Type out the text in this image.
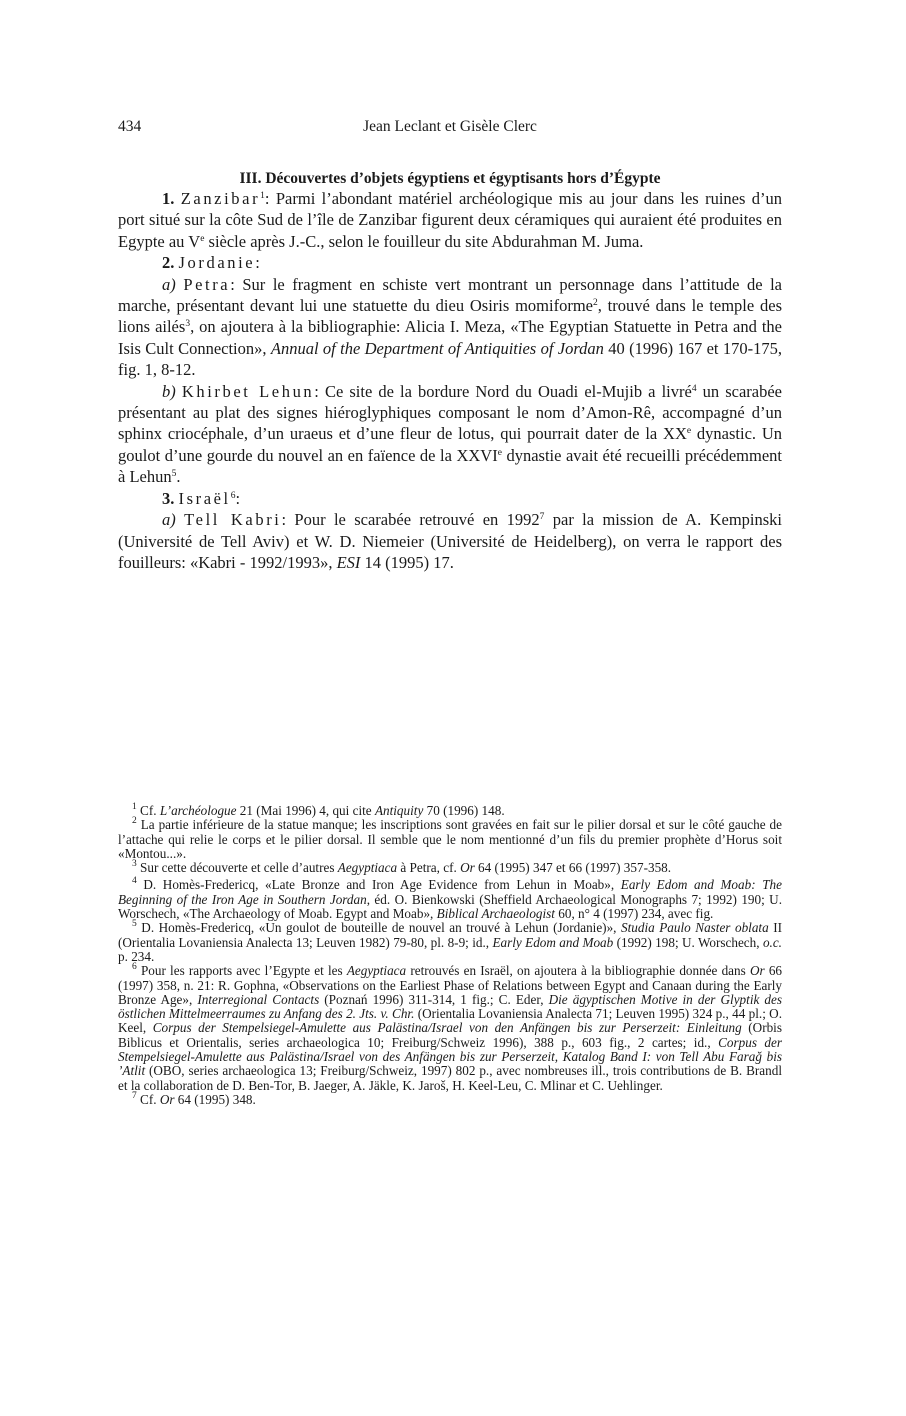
434	Jean Leclant et Gisèle Clerc
III. Découvertes d’objets égyptiens et égyptisants hors d’Égypte

1. Zanzibar$^1$: Parmi l’abondant matériel archéologique mis au jour dans les ruines d’un port situé sur la côte Sud de l’île de Zanzibar figurent deux céramiques qui auraient été produites en Egypte au Ve siècle après J.-C., selon le fouilleur du site Abdurahman M. Juma.

2. Jordanie:

a) Petra: Sur le fragment en schiste vert montrant un personnage dans l’attitude de la marche, présentant devant lui une statuette du dieu Osiris momiforme$^2$, trouvé dans le temple des lions ailés$^3$, on ajoutera à la bibliographie: Alicia I. Meza, «The Egyptian Statuette in Petra and the Isis Cult Connection», Annual of the Department of Antiquities of Jordan 40 (1996) 167 et 170-175, fig. 1, 8-12.

b) Khirbet Lehun: Ce site de la bordure Nord du Ouadi el-Mujib a livré$^4$ un scarabée présentant au plat des signes hiéroglyphiques composant le nom d’Amon-Rê, accompagné d’un sphinx criocéphale, d’un uraeus et d’une fleur de lotus, qui pourrait dater de la XXe dynastic. Un goulot d’une gourde du nouvel an en faïence de la XXVIe dynastie avait été recueilli précédemment à Lehun$^5$.

3. Israël$^6$:

a) Tell Kabri: Pour le scarabée retrouvé en 1992$^7$ par la mission de A. Kempinski (Université de Tell Aviv) et W. D. Niemeier (Université de Heidelberg), on verra le rapport des fouilleurs: «Kabri - 1992/1993», ESI 14 (1995) 17.

$^1$ Cf. L’archéologue 21 (Mai 1996) 4, qui cite Antiquity 70 (1996) 148.

$^2$ La partie inférieure de la statue manque; les inscriptions sont gravées en fait sur le pilier dorsal et sur le côté gauche de l’attache qui relie le corps et le pilier dorsal. Il semble que le nom mentionné d’un fils du premier prophète d’Horus soit «Montou...».

$^3$ Sur cette découverte et celle d’autres Aegyptiaca à Petra, cf. Or 64 (1995) 347 et 66 (1997) 357-358.

$^4$ D. Homès-Fredericq, «Late Bronze and Iron Age Evidence from Lehun in Moab», Early Edom and Moab: The Beginning of the Iron Age in Southern Jordan, éd. O. Bienkowski (Sheffield Archaeological Monographs 7; 1992) 190; U. Worschech, «The Archaeology of Moab. Egypt and Moab», Biblical Archaeologist 60, n° 4 (1997) 234, avec fig.

$^5$ D. Homès-Fredericq, «Un goulot de bouteille de nouvel an trouvé à Lehun (Jordanie)», Studia Paulo Naster oblata II (Orientalia Lovaniensia Analecta 13; Leuven 1982) 79-80, pl. 8-9; id., Early Edom and Moab (1992) 198; U. Worschech, o.c. p. 234.

$^6$ Pour les rapports avec l’Egypte et les Aegyptiaca retrouvés en Israël, on ajoutera à la bibliographie donnée dans Or 66 (1997) 358, n. 21: R. Gophna, «Observations on the Earliest Phase of Relations between Egypt and Canaan during the Early Bronze Age», Interregional Contacts (Poznań 1996) 311-314, 1 fig.; C. Eder, Die ägyptischen Motive in der Glyptik des östlichen Mittelmeerraumes zu Anfang des 2. Jts. v. Chr. (Orientalia Lovaniensia Analecta 71; Leuven 1995) 324 p., 44 pl.; O. Keel, Corpus der Stempelsiegel-Amulette aus Palästina/Israel von den Anfängen bis zur Perserzeit: Einleitung (Orbis Biblicus et Orientalis, series archaeologica 10; Freiburg/Schweiz 1996), 388 p., 603 fig., 2 cartes; id., Corpus der Stempelsiegel-Amulette aus Palästina/Israel von des Anfängen bis zur Perserzeit, Katalog Band I: von Tell Abu Farağ bis ’Atlit (OBO, series archaeologica 13; Freiburg/Schweiz, 1997) 802 p., avec nombreuses ill., trois contributions de B. Brandl et la collaboration de D. Ben-Tor, B. Jaeger, A. Jäkle, K. Jaroš, H. Keel-Leu, C. Mlinar et C. Uehlinger.

$^7$ Cf. Or 64 (1995) 348.
